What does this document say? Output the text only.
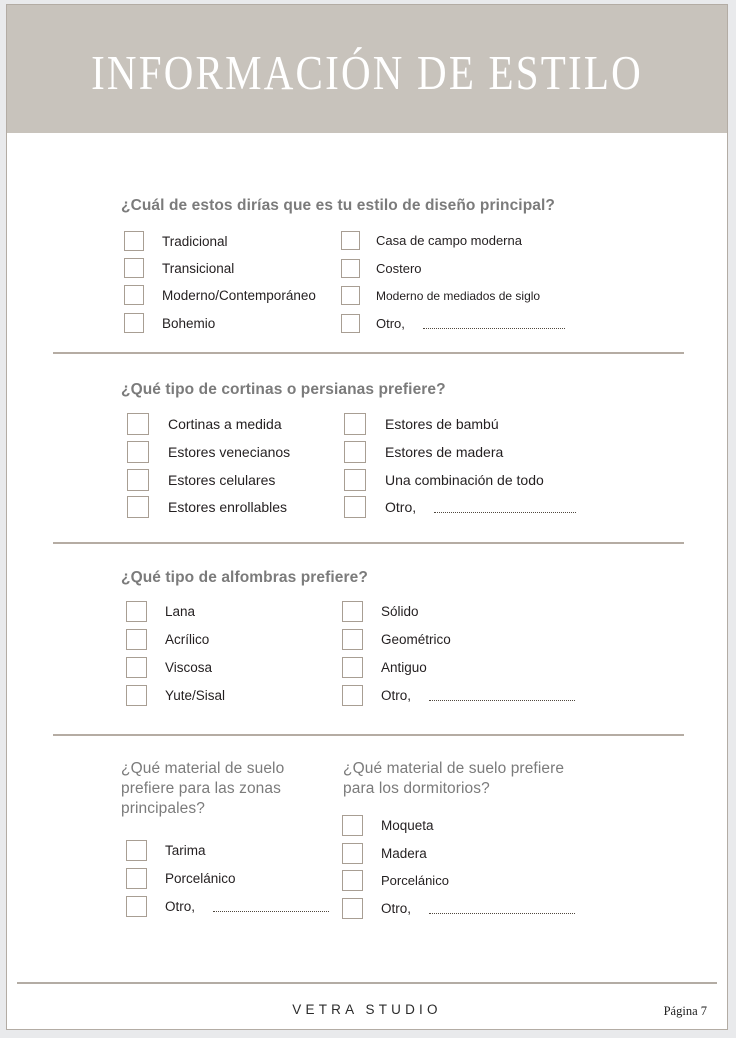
INFORMACIÓN DE ESTILO
¿Cuál de estos dirías que es tu estilo de diseño principal?
Tradicional
Transicional
Moderno/Contemporáneo
Bohemio
Casa de campo moderna
Costero
Moderno de mediados de siglo
Otro,
¿Qué tipo de cortinas o persianas prefiere?
Cortinas a medida
Estores venecianos
Estores celulares
Estores enrollables
Estores de bambú
Estores de madera
Una combinación de todo
Otro,
¿Qué tipo de alfombras prefiere?
Lana
Acrílico
Viscosa
Yute/Sisal
Sólido
Geométrico
Antiguo
Otro,
¿Qué material de suelo prefiere para las zonas principales?
¿Qué material de suelo prefiere para los dormitorios?
Tarima
Porcelánico
Otro,
Moqueta
Madera
Porcelánico
Otro,
VETRA STUDIO	Página 7
